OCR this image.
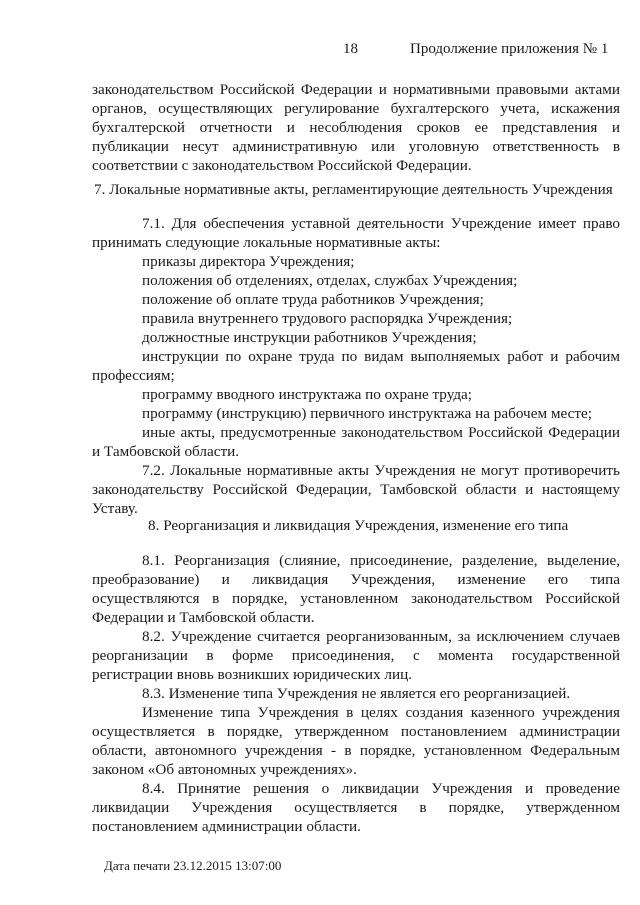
18	Продолжение приложения № 1
законодательством Российской Федерации и нормативными правовыми актами
органов, осуществляющих регулирование бухгалтерского учета, искажения
бухгалтерской отчетности и несоблюдения сроков ее представления и
публикации несут административную или уголовную ответственность в
соответствии с законодательством Российской Федерации.
7. Локальные нормативные акты, регламентирующие деятельность Учреждения
7.1. Для обеспечения уставной деятельности Учреждение имеет право
принимать следующие локальные нормативные акты:
приказы директора Учреждения;
положения об отделениях, отделах, службах Учреждения;
положение об оплате труда работников Учреждения;
правила внутреннего трудового распорядка Учреждения;
должностные инструкции работников Учреждения;
инструкции по охране труда по видам выполняемых работ и рабочим
профессиям;
программу вводного инструктажа по охране труда;
программу (инструкцию) первичного инструктажа на рабочем месте;
иные акты, предусмотренные законодательством Российской Федерации
и Тамбовской области.
7.2. Локальные нормативные акты Учреждения не могут противоречить
законодательству Российской Федерации, Тамбовской области и настоящему
Уставу.
8. Реорганизация и ликвидация Учреждения, изменение его типа
8.1. Реорганизация (слияние, присоединение, разделение, выделение,
преобразование) и ликвидация Учреждения, изменение его типа
осуществляются в порядке, установленном законодательством Российской
Федерации и Тамбовской области.
8.2. Учреждение считается реорганизованным, за исключением случаев
реорганизации в форме присоединения, с момента государственной
регистрации вновь возникших юридических лиц.
8.3. Изменение типа Учреждения не является его реорганизацией.
Изменение типа Учреждения в целях создания казенного учреждения
осуществляется в порядке, утвержденном постановлением администрации
области, автономного учреждения - в порядке, установленном Федеральным
законом «Об автономных учреждениях».
8.4. Принятие решения о ликвидации Учреждения и проведение
ликвидации Учреждения осуществляется в порядке, утвержденном
постановлением администрации области.
Дата печати 23.12.2015 13:07:00
